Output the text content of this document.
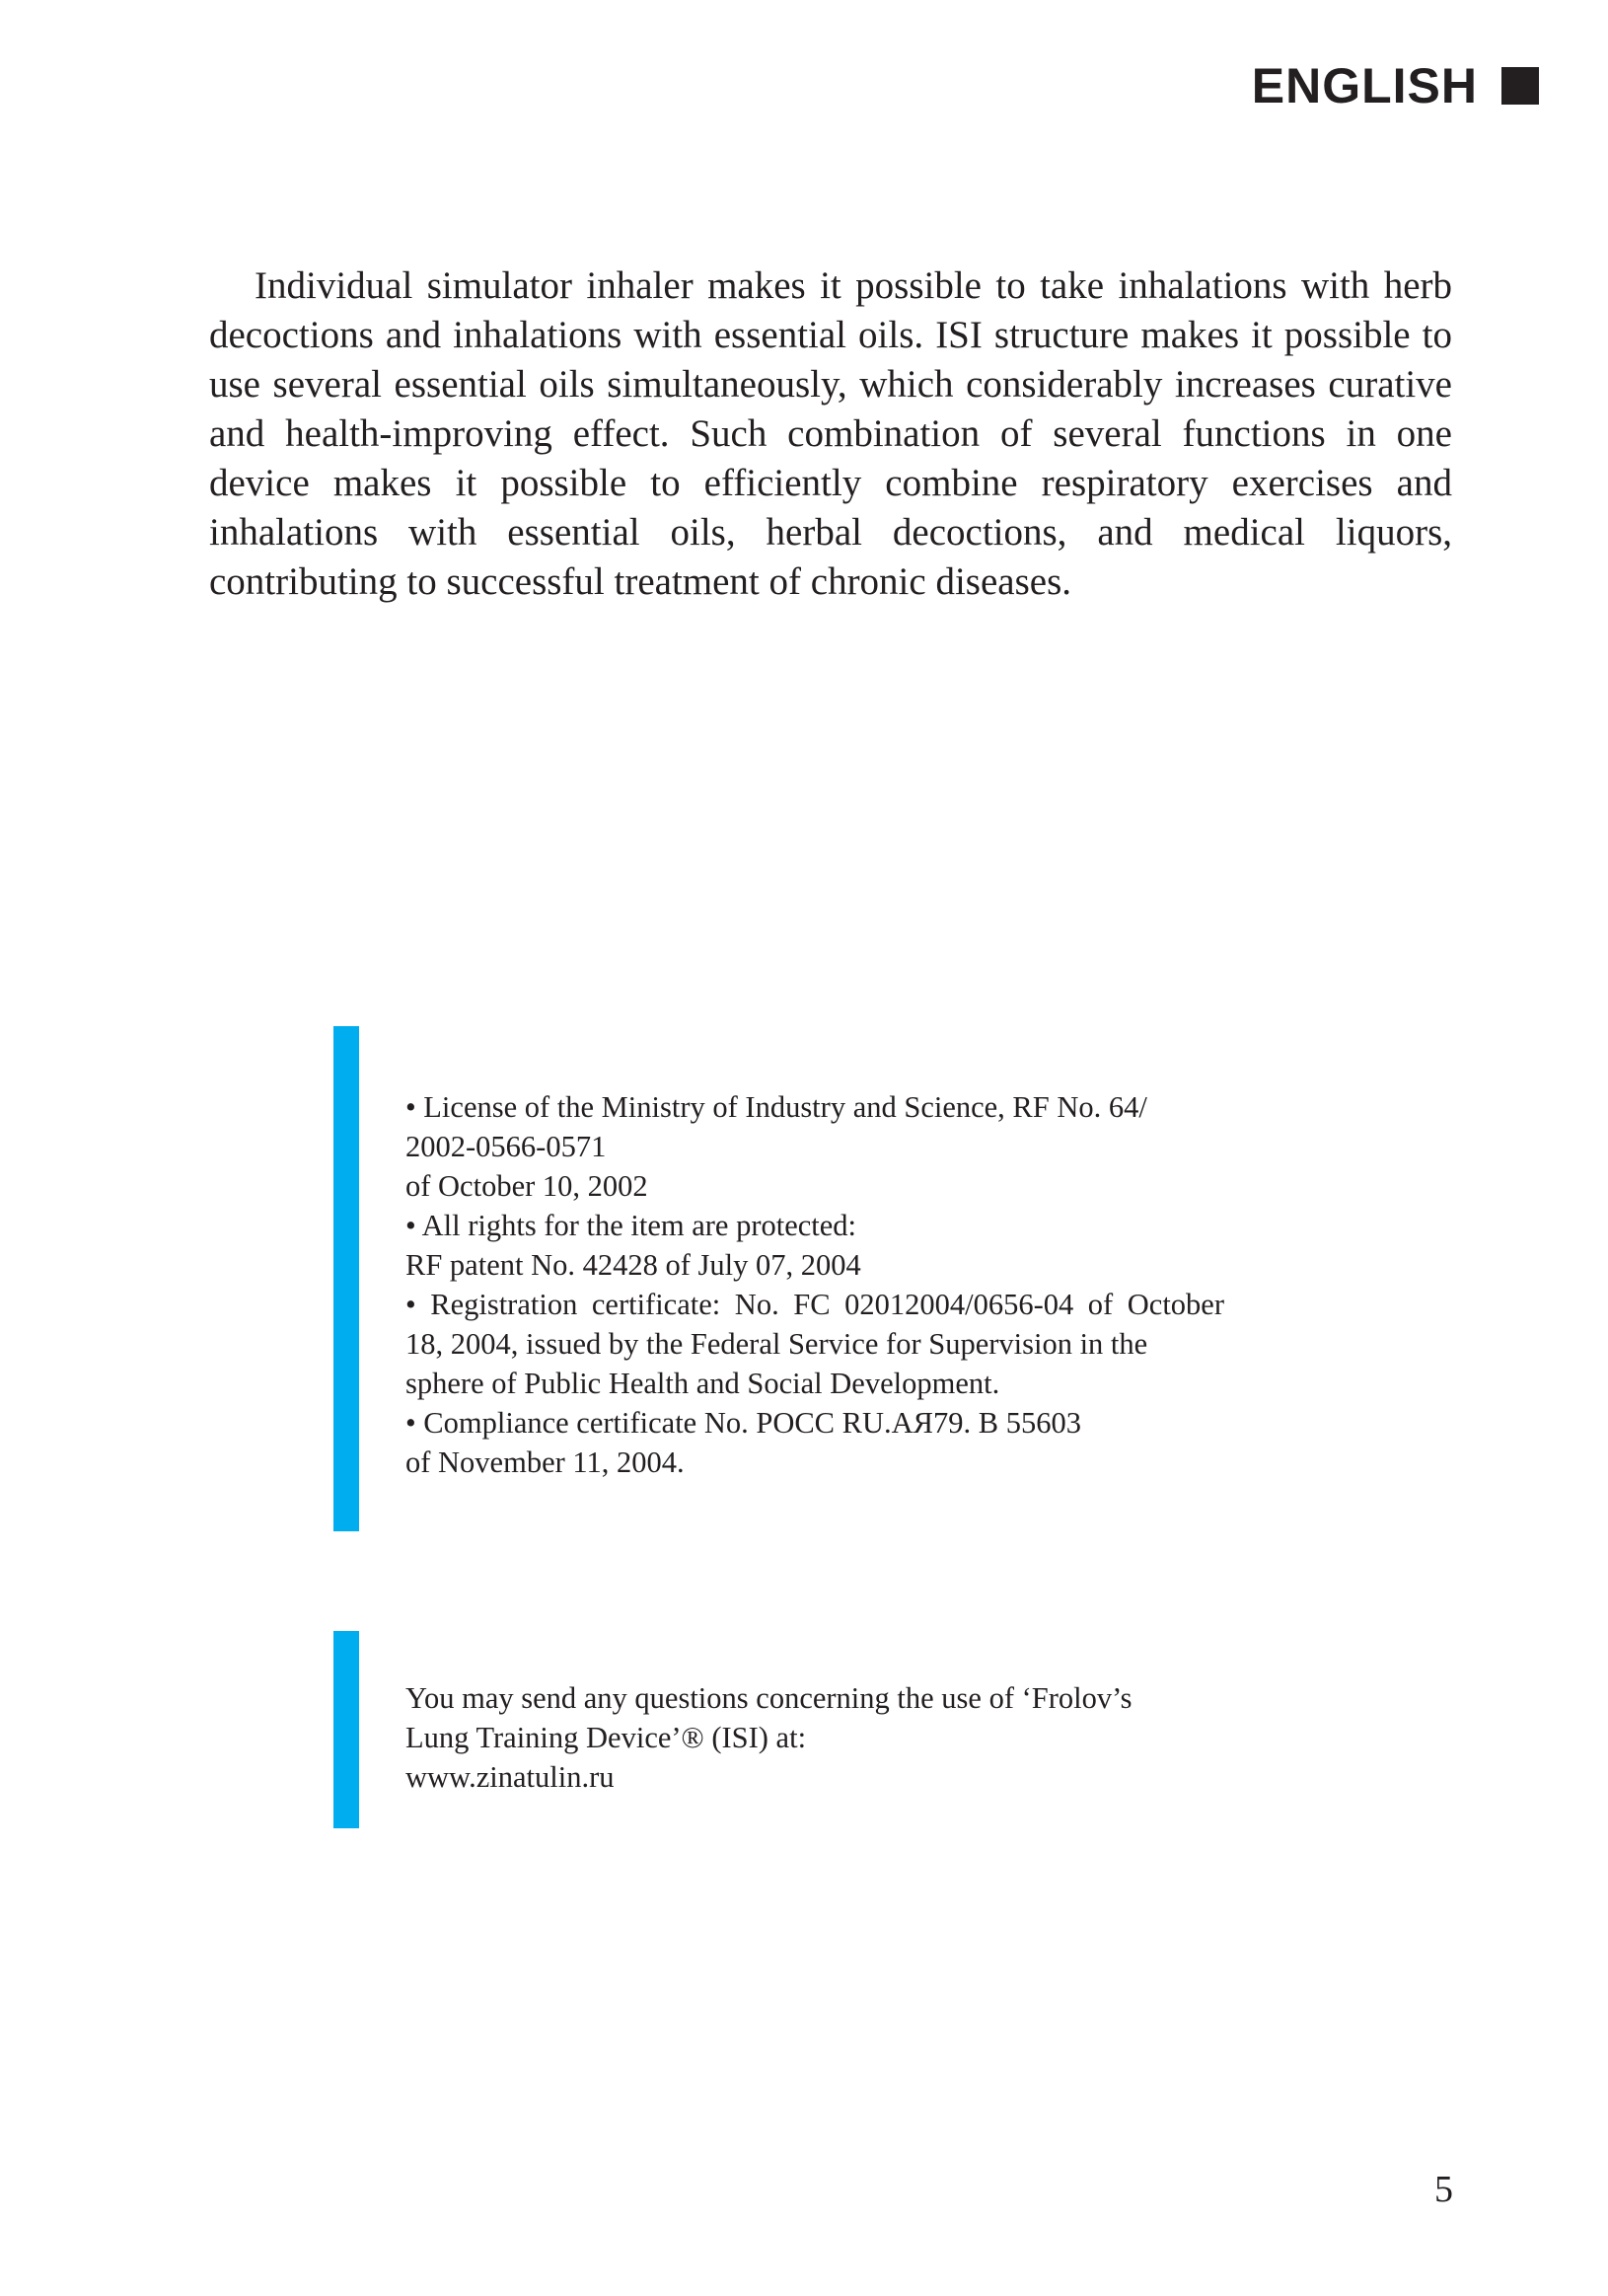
ENGLISH

Individual simulator inhaler makes it possible to take inhalations with herb decoctions and inhalations with essential oils. ISI structure makes it possible to use several essential oils simultaneously, which considerably increases curative and health-improving effect. Such combination of several functions in one device makes it possible to efficiently combine respiratory exercises and inhalations with essential oils, herbal decoctions, and medical liquors, contributing to successful treatment of chronic diseases.

• License of the Ministry of Industry and Science, RF No. 64/
2002-0566-0571
of October 10, 2002
• All rights for the item are protected:
RF patent No. 42428 of July 07, 2004
• Registration certificate: No. FC 02012004/0656-04 of October
18, 2004, issued by the Federal Service for Supervision in the
sphere of Public Health and Social Development.
• Compliance certificate No. POCC RU.АЯ79. B 55603
of November 11, 2004.
You may send any questions concerning the use of ‘Frolov’s
Lung Training Device’® (ISI) at:
www.zinatulin.ru
5
